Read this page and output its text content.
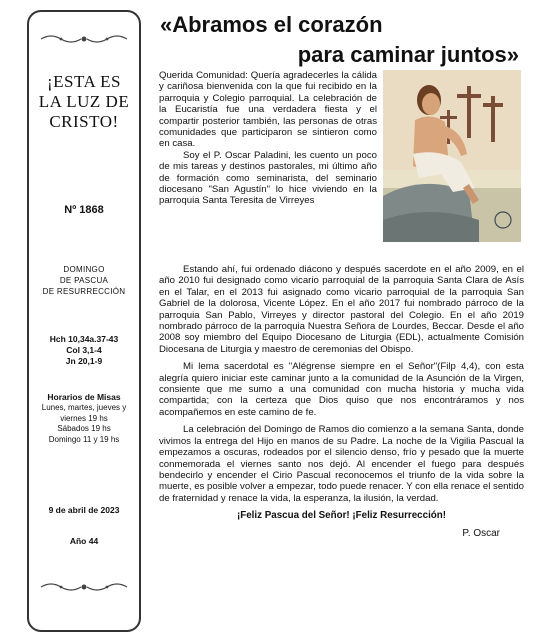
¡ESTA ES
LA LUZ DE
CRISTO!
Nº 1868
DOMINGO
DE PASCUA
DE RESURRECCIÓN
Hch 10,34a.37-43
Col 3,1-4
Jn 20,1-9
Horarios de Misas
Lunes, martes, jueves y
viernes 19 hs
Sábados 19 hs
Domingo 11 y 19 hs
9 de abril de 2023
Año 44
«Abramos el corazón
para caminar juntos»

Querida Comunidad: Quería agradecerles la cálida y cariñosa bienvenida con la que fui recibido en la parroquia y Colegio parroquial. La celebración de la Eucaristía fue una verdadera fiesta y el compartir posterior también, las personas de otras comunidades que participaron se sintieron como en casa.

Soy el P. Oscar Paladini, les cuento un poco de mis tareas y destinos pastorales, mi último año de formación como seminarista, del seminario diocesano "San Agustín" lo hice viviendo en la parroquia Santa Teresita de Virreyes

Estando ahí, fui ordenado diácono y después sacerdote en el año 2009, en el año 2010 fui designado como vicario parroquial de la parroquia Santa Clara de Asís en el Talar, en el 2013 fui asignado como vicario parroquial de la parroquia San Gabriel de la dolorosa, Vicente López. En el año 2017 fui nombrado párroco de la parroquia San Pablo, Virreyes y director pastoral del Colegio. En el año 2019 nombrado párroco de la parroquia Nuestra Señora de Lourdes, Beccar. Desde el año 2008 soy miembro del Equipo Diocesano de Liturgia (EDL), actualmente Comisión Diocesana de Liturgia y maestro de ceremonias del Obispo.

Mi lema sacerdotal es "Alégrense siempre en el Señor"(Filp 4,4), con esta alegría quiero iniciar este caminar junto a la comunidad de la Asunción de la Virgen, consiente que me sumo a una comunidad con mucha historia y mucha vida compartida; con la certeza que Dios quiso que nos encontráramos y nos acompañemos en este camino de fe.

La celebración del Domingo de Ramos dio comienzo a la semana Santa, donde vivimos la entrega del Hijo en manos de su Padre. La noche de la Vigilia Pascual la empezamos a oscuras, rodeados por el silencio denso, frío y pesado que la muerte conmemorada el viernes santo nos dejó. Al encender el fuego para después bendecirlo y encender el Cirio Pascual reconocemos el triunfo de la vida sobre la muerte, es posible volver a empezar, todo puede renacer. Y con ella renace el sentido de fraternidad y renace la vida, la esperanza, la ilusión, la verdad.

¡Feliz Pascua del Señor! ¡Feliz Resurrección!

P. Oscar
